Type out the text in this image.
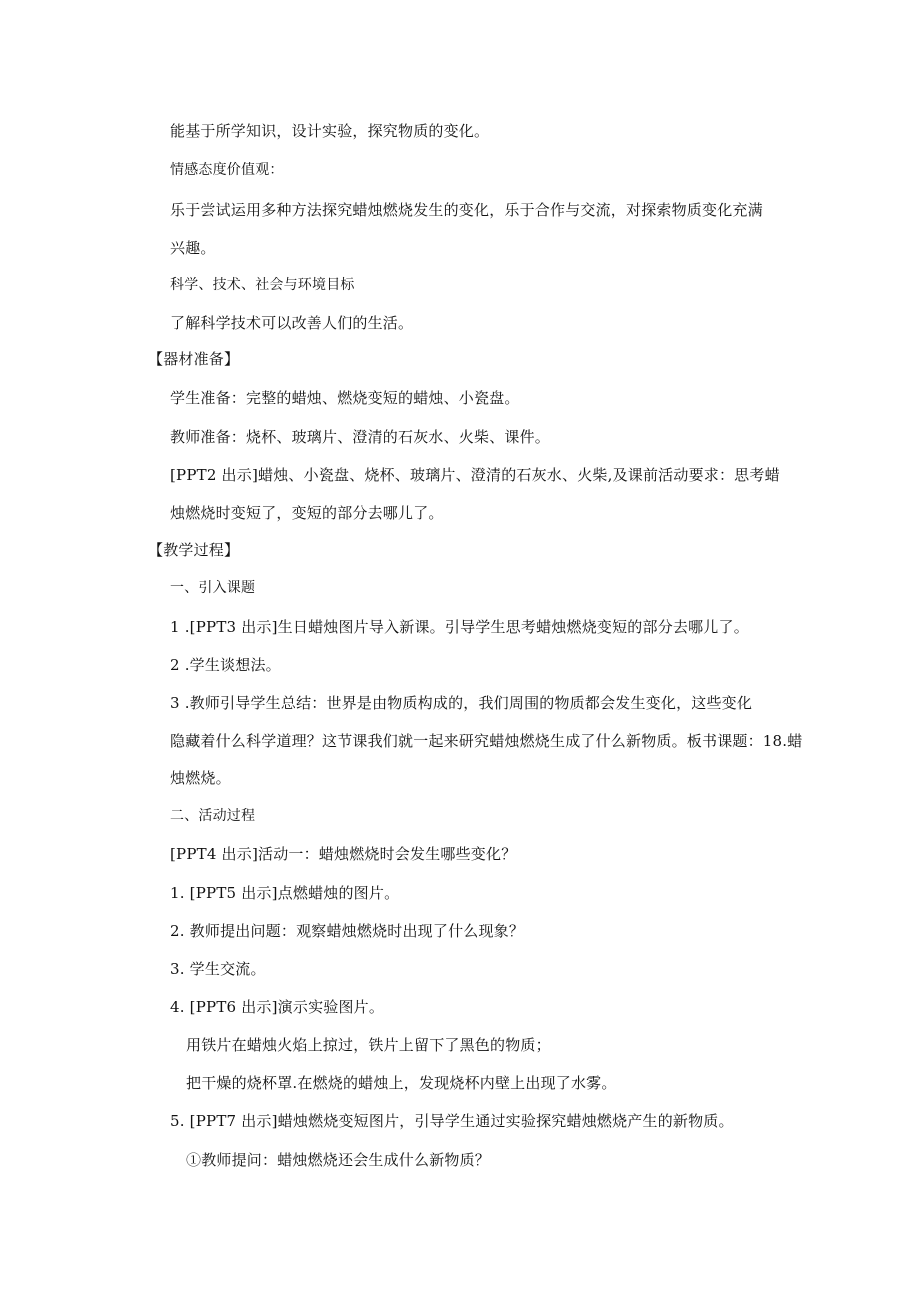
能基于所学知识，设计实验，探究物质的变化。
情感态度价值观：
乐于尝试运用多种方法探究蜡烛燃烧发生的变化，乐于合作与交流，对探索物质变化充满
兴趣。
科学、技术、社会与环境目标
了解科学技术可以改善人们的生活。
【器材准备】
学生准备：完整的蜡烛、燃烧变短的蜡烛、小瓷盘。
教师准备：烧杯、玻璃片、澄清的石灰水、火柴、课件。
[PPT2 出示]蜡烛、小瓷盘、烧杯、玻璃片、澄清的石灰水、火柴,及课前活动要求：思考蜡
烛燃烧时变短了，变短的部分去哪儿了。
【教学过程】
一、引入课题
1 .[PPT3 出示]生日蜡烛图片导入新课。引导学生思考蜡烛燃烧变短的部分去哪儿了。
2 .学生谈想法。
3 .教师引导学生总结：世界是由物质构成的，我们周围的物质都会发生变化，这些变化
隐藏着什么科学道理？这节课我们就一起来研究蜡烛燃烧生成了什么新物质。板书课题：18.蜡
烛燃烧。
二、活动过程
[PPT4 出示]活动一：蜡烛燃烧时会发生哪些变化？
1. [PPT5 出示]点燃蜡烛的图片。
2. 教师提出问题：观察蜡烛燃烧时出现了什么现象？
3. 学生交流。
4. [PPT6 出示]演示实验图片。
用铁片在蜡烛火焰上掠过，铁片上留下了黑色的物质；
把干燥的烧杯罩.在燃烧的蜡烛上，发现烧杯内壁上出现了水雾。
5. [PPT7 出示]蜡烛燃烧变短图片，引导学生通过实验探究蜡烛燃烧产生的新物质。
①教师提问：蜡烛燃烧还会生成什么新物质？
